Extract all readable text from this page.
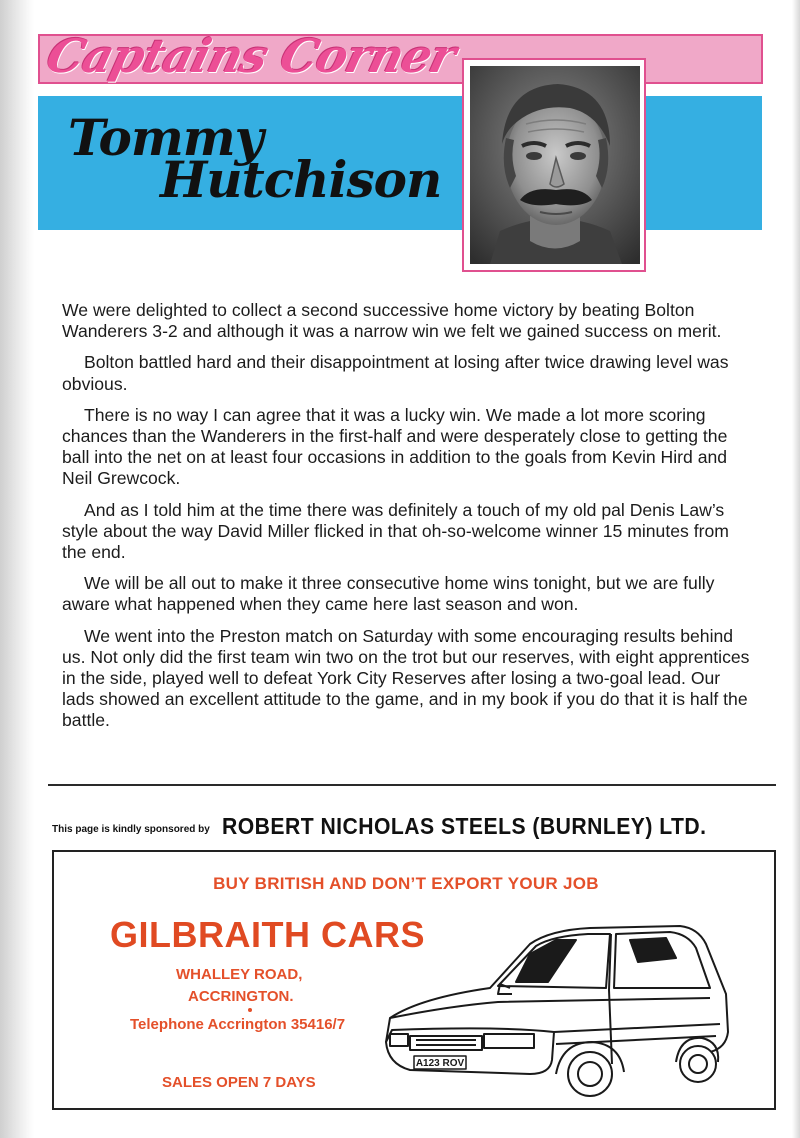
Captains Corner
Tommy
Hutchison

We were delighted to collect a second successive home victory by beating Bolton Wanderers 3-2 and although it was a narrow win we felt we gained success on merit.

Bolton battled hard and their disappointment at losing after twice drawing level was obvious.

There is no way I can agree that it was a lucky win. We made a lot more scoring chances than the Wanderers in the first-half and were desperately close to getting the ball into the net on at least four occasions in addition to the goals from Kevin Hird and Neil Grewcock.

And as I told him at the time there was definitely a touch of my old pal Denis Law’s style about the way David Miller flicked in that oh-so-welcome winner 15 minutes from the end.

We will be all out to make it three consecutive home wins tonight, but we are fully aware what happened when they came here last season and won.

We went into the Preston match on Saturday with some encouraging results behind us. Not only did the first team win two on the trot but our reserves, with eight apprentices in the side, played well to defeat York City Reserves after losing a two-goal lead. Our lads showed an excellent attitude to the game, and in my book if you do that it is half the battle.

This page is kindly sponsored by ROBERT NICHOLAS STEELS (BURNLEY) LTD.

BUY BRITISH AND DON’T EXPORT YOUR JOB

GILBRAITH CARS

WHALLEY ROAD,

ACCRINGTON.

Telephone Accrington 35416/7

SALES OPEN 7 DAYS

A123 ROV
